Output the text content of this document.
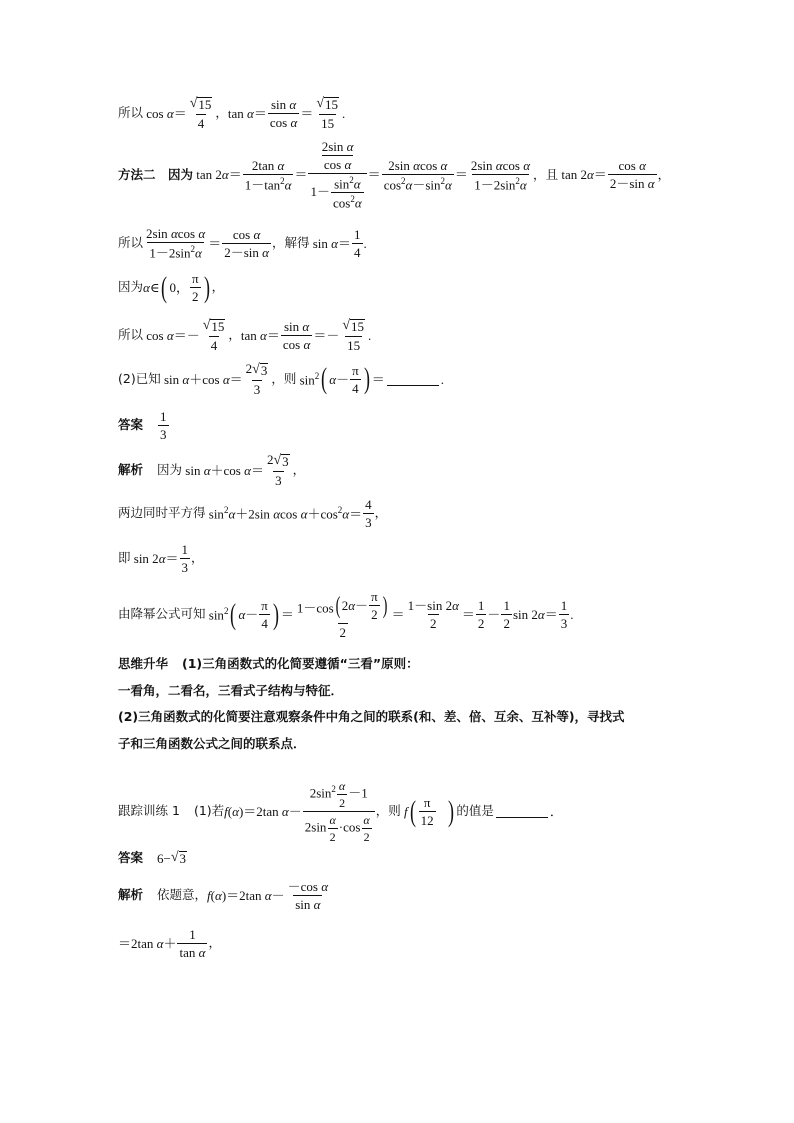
所以 cos α＝
√ 15
4
， tan α＝
sin α
cos α
＝
√ 15
15
.
方法二　因为 tan 2α＝
2tan α
$1-\tan^2\alpha$
＝
$\frac{\text{2sin α}}{\text{cos α}}$
$1- \frac{\sin^2\alpha}{\cos^2\alpha}$
＝
2sin αcos α
$\cos^2\alpha-\sin^2\alpha$
＝
2sin αcos α
$1-2\sin^2\alpha$
， 且 tan 2α＝
cos α
2－sin α
，
所以
2sin αcos α
$1-2\sin^2\alpha$
＝
cos α
2－sin α
， 解得 sin α＝
1
4
.
因为 α ∈ ( 0，
π
2 ) ，
所以 cos α＝－
√ 15
4
， tan α＝
sin α
cos α
＝－
√ 15
15
.
(2)已知 sin α＋cos α＝
2 √ 3
3
， 则 $\sin^2$ ( α －
π
4 ) ＝	.
答案
1
3
解析 因为 sin α＋cos α＝
2 √ 3
3
，
两边同时平方得 $\sin^2\alpha+2\sin$ αcos $\alpha+\cos^2\alpha=$
4
3
，
即 sin 2α＝
1
3
，
由降幂公式可知 $\sin^2$ ( α －
π
4 ) ＝ 1－cos ( 2 α －
π
2 )
2
＝
1－sin 2α
2
＝
1
2
－
1
2
sin 2α＝
1
3
.
思维升华 (1)三角函数式的化简要遵循“三看”原则：
一看角，二看名，三看式子结构与特征．
(2)三角函数式的化简要注意观察条件中角之间的联系(和、差、倍、互余、互补等)，寻找式
子和三角函数公式之间的联系点．
跟踪训练 1 (1)若 f (α)＝2tan α－
$2\sin^2 \frac{\alpha}{2} -1$
$2\sin \frac{\alpha}{2} \cdot\cos \frac{\alpha}{2}$
， 则 f ( π
12
) 的值是	．
答案 6− √ 3
解析 依题意， f (α)＝2tan α－
－cos α
sin α
＝2tan α＋
1
tan α
，
